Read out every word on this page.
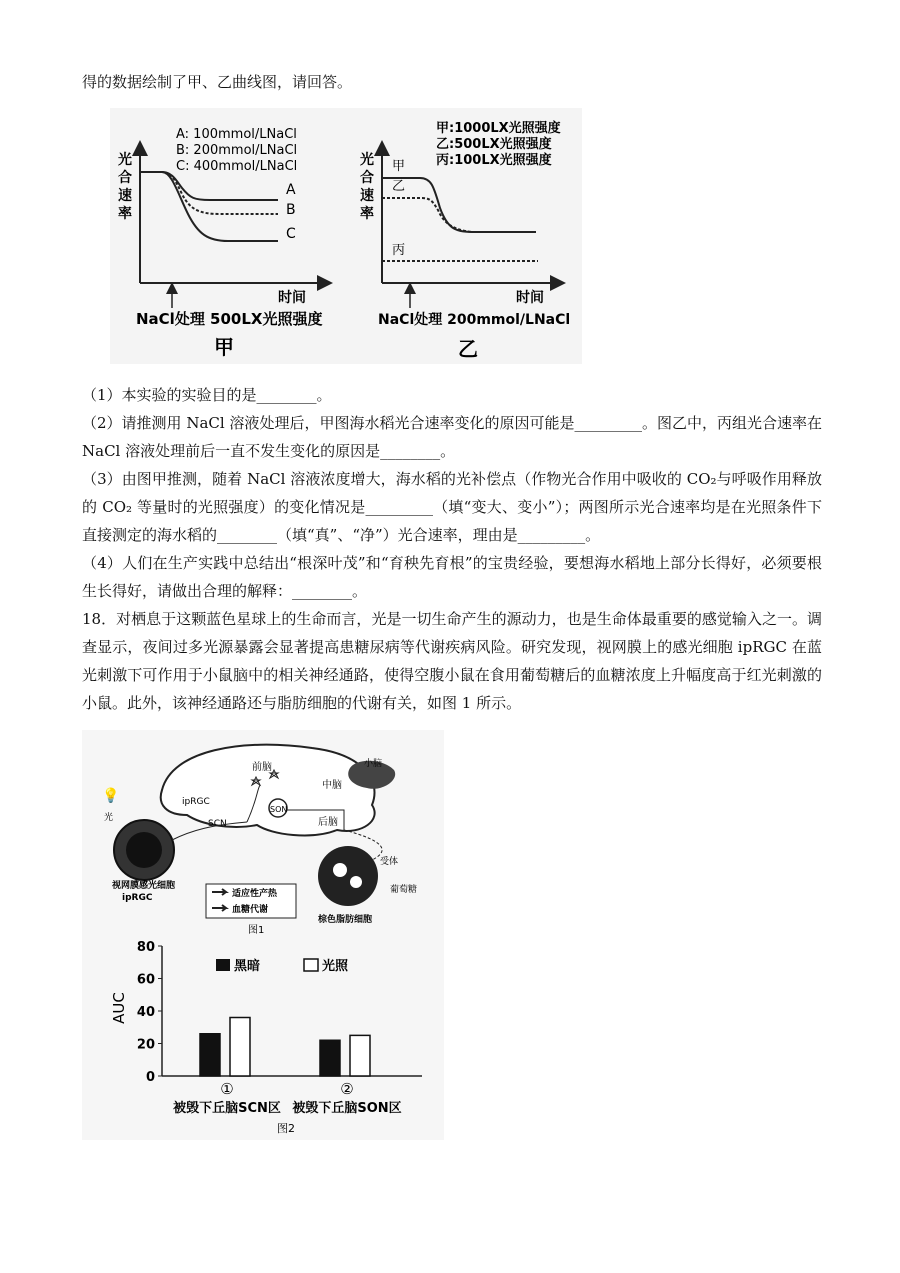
得的数据绘制了甲、乙曲线图，请回答。
光
合
速
率
A: 100mmol/LNaCl
B: 200mmol/LNaCl
C: 400mmol/LNaCl
A
B
C
时间
NaCl处理 500LX光照强度
甲
光
合
速
率
甲:1000LX光照强度
乙:500LX光照强度
丙:100LX光照强度
甲
乙
丙
时间
NaCl处理 200mmol/LNaCl
乙

（1）本实验的实验目的是________。

（2）请推测用 NaCl 溶液处理后，甲图海水稻光合速率变化的原因可能是_________。图乙中，丙组光合速率在 NaCl 溶液处理前后一直不发生变化的原因是________。

（3）由图甲推测，随着 NaCl 溶液浓度增大，海水稻的光补偿点（作物光合作用中吸收的 CO₂与呼吸作用释放的 CO₂ 等量时的光照强度）的变化情况是_________（填“变大、变小”）；两图所示光合速率均是在光照条件下直接测定的海水稻的________（填“真”、“净”）光合速率，理由是_________。

（4）人们在生产实践中总结出“根深叶茂”和“育秧先育根”的宝贵经验，要想海水稻地上部分长得好，必须要根生长得好，请做出合理的解释：________。

18．对栖息于这颗蓝色星球上的生命而言，光是一切生命产生的源动力，也是生命体最重要的感觉输入之一。调查显示，夜间过多光源暴露会显著提高患糖尿病等代谢疾病风险。研究发现，视网膜上的感光细胞 ipRGC 在蓝光刺激下可作用于小鼠脑中的相关神经通路，使得空腹小鼠在食用葡萄糖后的血糖浓度上升幅度高于红光刺激的小鼠。此外，该神经通路还与脂肪细胞的代谢有关，如图 1 所示。

前脑
中脑
后脑
小脑
SON
ipRGC
SCN
💡
光
视网膜感光细胞
ipRGC
受体
葡萄糖
棕色脂肪细胞
适应性产热
血糖代谢
图1
AUC
80
60
40
20
0
黑暗	光照
①	②
被毁下丘脑SCN区 被毁下丘脑SON区
图2
